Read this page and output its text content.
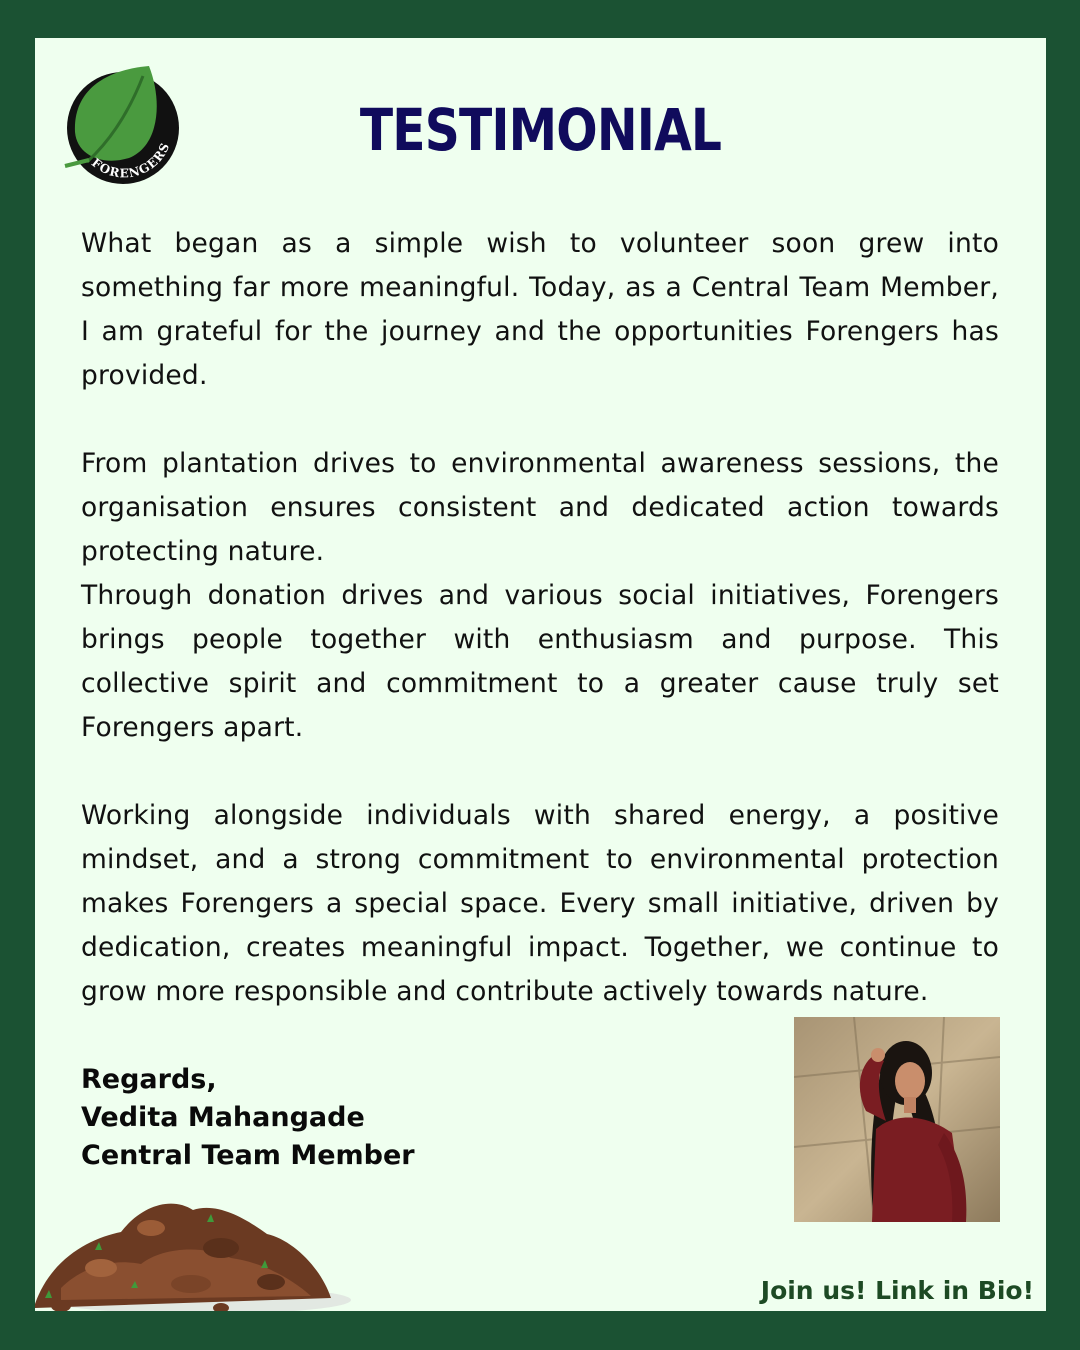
FORENGERS	TESTIMONIAL

What began as a simple wish to volunteer soon grew into something far more meaningful. Today, as a Central Team Member, I am grateful for the journey and the opportunities Forengers has provided.

From plantation drives to environmental awareness sessions, the organisation ensures consistent and dedicated action towards protecting nature.

Through donation drives and various social initiatives, Forengers brings people together with enthusiasm and purpose. This collective spirit and commitment to a greater cause truly set Forengers apart.

Working alongside individuals with shared energy, a positive mindset, and a strong commitment to environmental protection makes Forengers a special space. Every small initiative, driven by dedication, creates meaningful impact. Together, we continue to grow more responsible and contribute actively towards nature.

Regards,
Vedita Mahangade
Central Team Member
Join us! Link in Bio!
